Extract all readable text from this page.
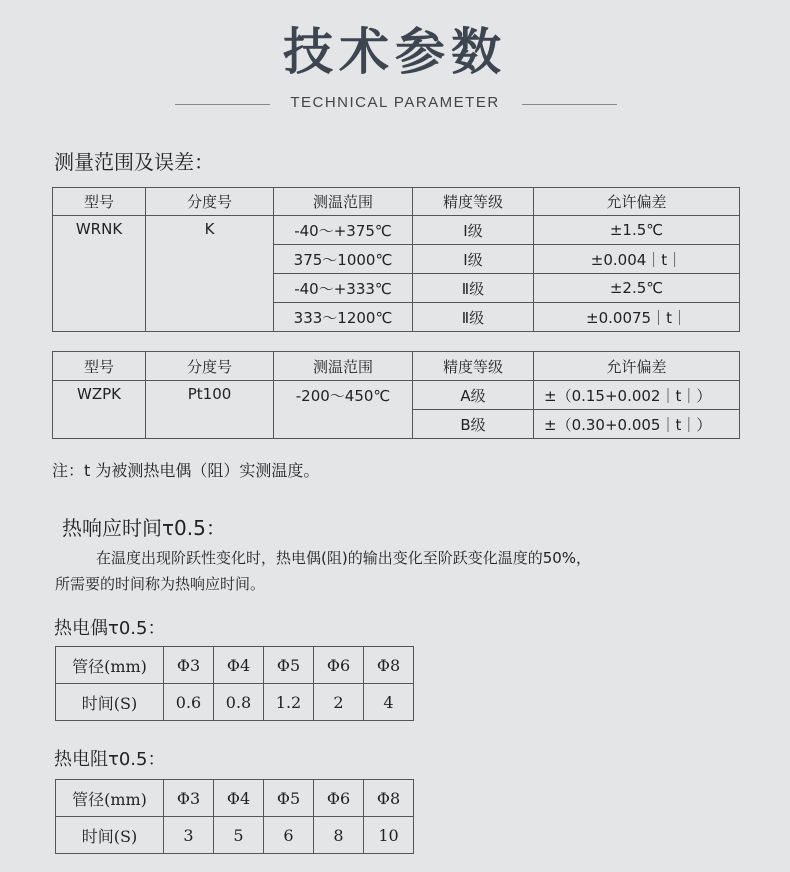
技术参数
TECHNICAL PARAMETER
测量范围及误差：
型号	分度号	测温范围	精度等级	允许偏差
WRNK	K	-40～+375℃	Ⅰ级	±1.5℃
		375～1000℃	Ⅰ级	±0.004｜t｜
		-40～+333℃	Ⅱ级	±2.5℃
		333～1200℃	Ⅱ级	±0.0075｜t｜
型号	分度号	测温范围	精度等级	允许偏差
WZPK	Pt100	-200～450℃	A级	±（0.15+0.002｜t｜）
			B级	±（0.30+0.005｜t｜）
注：t 为被测热电偶（阻）实测温度。
热响应时间τ0.5：
在温度出现阶跃性变化时，热电偶(阻)的输出变化至阶跃变化温度的50%，
所需要的时间称为热响应时间。
热电偶τ0.5：
管径(mm)	Φ3	Φ4	Φ5	Φ6	Φ8
时间(S)	0.6	0.8	1.2	2	4
热电阻τ0.5：
管径(mm)	Φ3	Φ4	Φ5	Φ6	Φ8
时间(S)	3	5	6	8	10
